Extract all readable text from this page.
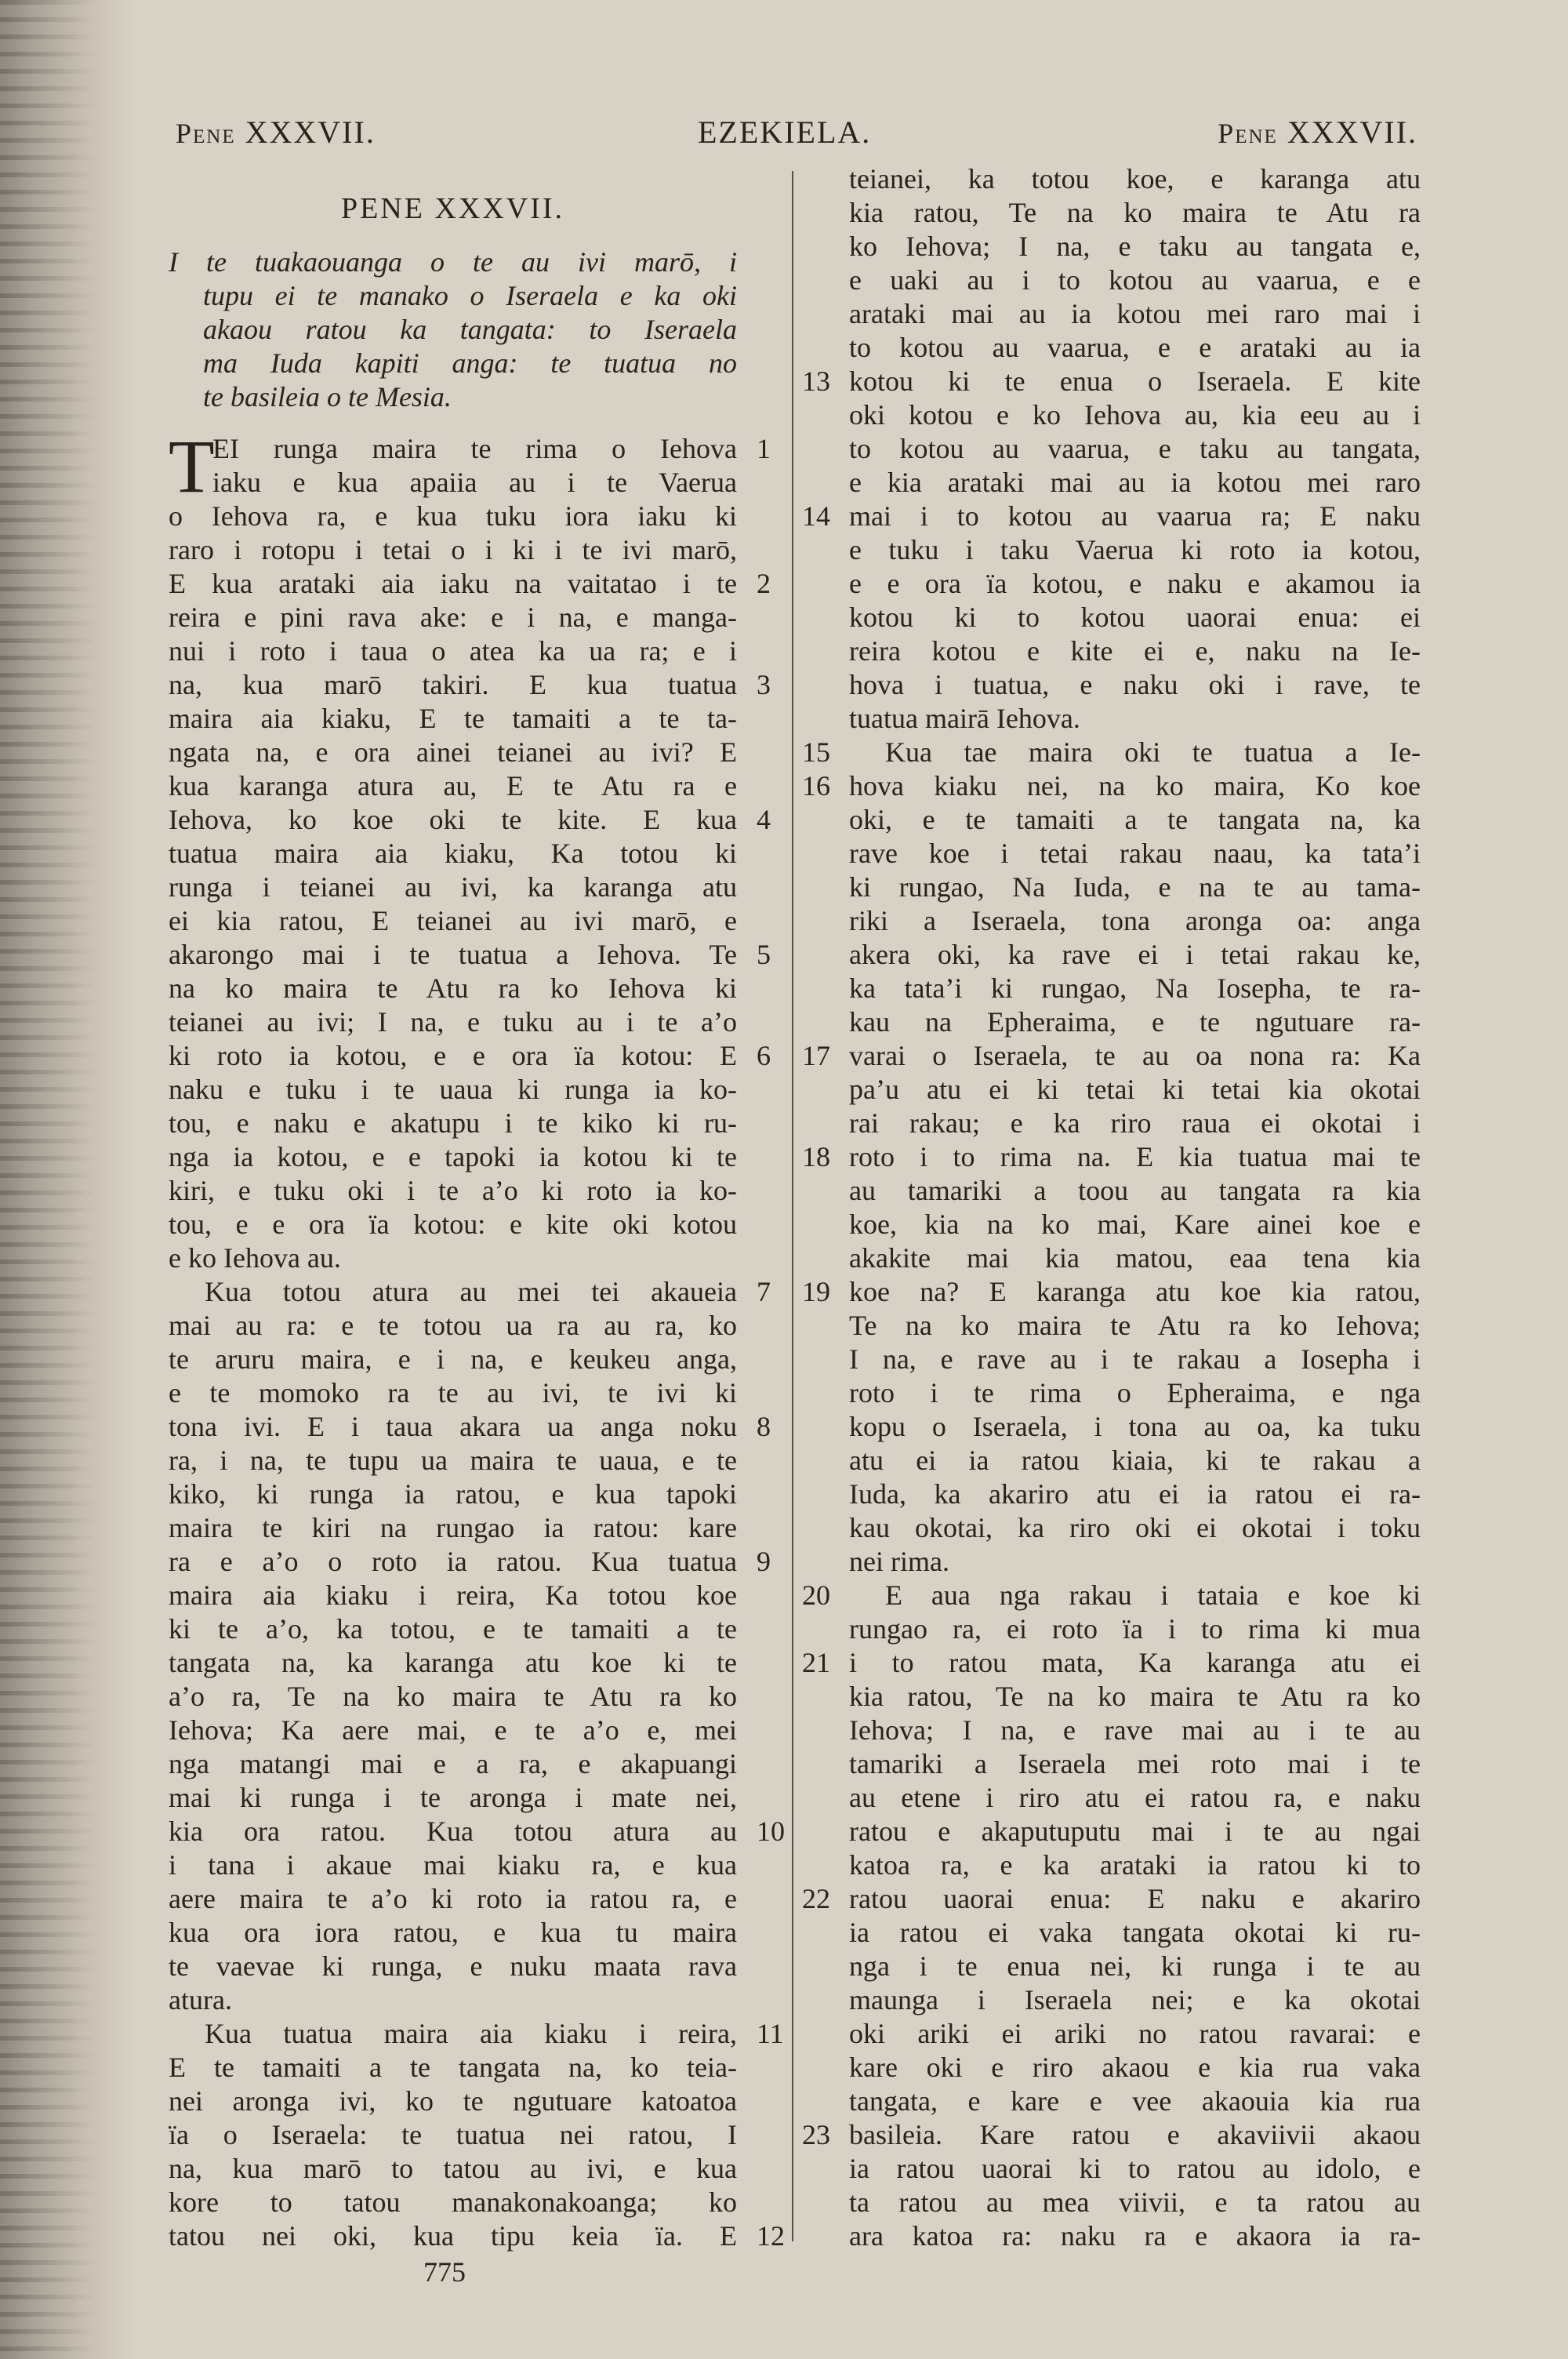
Pene XXXVII.	EZEKIELA.	Pene XXXVII.
PENE XXXVII.
I te tuakaouanga o te au ivi marō, i
tupu ei te manako o Iseraela e ka oki
akaou ratou ka tangata: to Iseraela
ma Iuda kapiti anga: te tuatua no
te basileia o te Mesia.
T
EI runga maira te rima o Iehova 1
iaku e kua apaiia au i te Vaerua
o Iehova ra, e kua tuku iora iaku ki
raro i rotopu i tetai o i ki i te ivi marō,
E kua arataki aia iaku na vaitatao i te 2
reira e pini rava ake: e i na, e manga-
nui i roto i taua o atea ka ua ra; e i
na, kua marō takiri. E kua tuatua 3
maira aia kiaku, E te tamaiti a te ta-
ngata na, e ora ainei teianei au ivi? E
kua karanga atura au, E te Atu ra e
Iehova, ko koe oki te kite. E kua 4
tuatua maira aia kiaku, Ka totou ki
runga i teianei au ivi, ka karanga atu
ei kia ratou, E teianei au ivi marō, e
akarongo mai i te tuatua a Iehova. Te 5
na ko maira te Atu ra ko Iehova ki
teianei au ivi; I na, e tuku au i te a’o
ki roto ia kotou, e e ora ïa kotou: E 6
naku e tuku i te uaua ki runga ia ko-
tou, e naku e akatupu i te kiko ki ru-
nga ia kotou, e e tapoki ia kotou ki te
kiri, e tuku oki i te a’o ki roto ia ko-
tou, e e ora ïa kotou: e kite oki kotou
e ko Iehova au.
Kua totou atura au mei tei akaueia 7
mai au ra: e te totou ua ra au ra, ko
te aruru maira, e i na, e keukeu anga,
e te momoko ra te au ivi, te ivi ki
tona ivi. E i taua akara ua anga noku 8
ra, i na, te tupu ua maira te uaua, e te
kiko, ki runga ia ratou, e kua tapoki
maira te kiri na rungao ia ratou: kare
ra e a’o o roto ia ratou. Kua tuatua 9
maira aia kiaku i reira, Ka totou koe
ki te a’o, ka totou, e te tamaiti a te
tangata na, ka karanga atu koe ki te
a’o ra, Te na ko maira te Atu ra ko
Iehova; Ka aere mai, e te a’o e, mei
nga matangi mai e a ra, e akapuangi
mai ki runga i te aronga i mate nei,
kia ora ratou. Kua totou atura au 10
i tana i akaue mai kiaku ra, e kua
aere maira te a’o ki roto ia ratou ra, e
kua ora iora ratou, e kua tu maira
te vaevae ki runga, e nuku maata rava
atura.
Kua tuatua maira aia kiaku i reira, 11
E te tamaiti a te tangata na, ko teia-
nei aronga ivi, ko te ngutuare katoatoa
ïa o Iseraela: te tuatua nei ratou, I
na, kua marō to tatou au ivi, e kua
kore to tatou manakonakoanga; ko
tatou nei oki, kua tipu keia ïa. E 12
teianei, ka totou koe, e karanga atu
kia ratou, Te na ko maira te Atu ra
ko Iehova; I na, e taku au tangata e,
e uaki au i to kotou au vaarua, e e
arataki mai au ia kotou mei raro mai i
to kotou au vaarua, e e arataki au ia
kotou ki te enua o Iseraela. E kite
13
oki kotou e ko Iehova au, kia eeu au i
to kotou au vaarua, e taku au tangata,
e kia arataki mai au ia kotou mei raro
mai i to kotou au vaarua ra; E naku
14
e tuku i taku Vaerua ki roto ia kotou,
e e ora ïa kotou, e naku e akamou ia
kotou ki to kotou uaorai enua: ei
reira kotou e kite ei e, naku na Ie-
hova i tuatua, e naku oki i rave, te
tuatua mairā Iehova.
Kua tae maira oki te tuatua a Ie-
15
hova kiaku nei, na ko maira, Ko koe
16
oki, e te tamaiti a te tangata na, ka
rave koe i tetai rakau naau, ka tata’i
ki rungao, Na Iuda, e na te au tama-
riki a Iseraela, tona aronga oa: anga
akera oki, ka rave ei i tetai rakau ke,
ka tata’i ki rungao, Na Iosepha, te ra-
kau na Epheraima, e te ngutuare ra-
varai o Iseraela, te au oa nona ra: Ka
17
pa’u atu ei ki tetai ki tetai kia okotai
rai rakau; e ka riro raua ei okotai i
roto i to rima na. E kia tuatua mai te
18
au tamariki a toou au tangata ra kia
koe, kia na ko mai, Kare ainei koe e
akakite mai kia matou, eaa tena kia
koe na? E karanga atu koe kia ratou,
19
Te na ko maira te Atu ra ko Iehova;
I na, e rave au i te rakau a Iosepha i
roto i te rima o Epheraima, e nga
kopu o Iseraela, i tona au oa, ka tuku
atu ei ia ratou kiaia, ki te rakau a
Iuda, ka akariro atu ei ia ratou ei ra-
kau okotai, ka riro oki ei okotai i toku
nei rima.
E aua nga rakau i tataia e koe ki
20
rungao ra, ei roto ïa i to rima ki mua
i to ratou mata, Ka karanga atu ei
21
kia ratou, Te na ko maira te Atu ra ko
Iehova; I na, e rave mai au i te au
tamariki a Iseraela mei roto mai i te
au etene i riro atu ei ratou ra, e naku
ratou e akaputuputu mai i te au ngai
katoa ra, e ka arataki ia ratou ki to
ratou uaorai enua: E naku e akariro
22
ia ratou ei vaka tangata okotai ki ru-
nga i te enua nei, ki runga i te au
maunga i Iseraela nei; e ka okotai
oki ariki ei ariki no ratou ravarai: e
kare oki e riro akaou e kia rua vaka
tangata, e kare e vee akaouia kia rua
basileia. Kare ratou e akaviivii akaou
23
ia ratou uaorai ki to ratou au idolo, e
ta ratou au mea viivii, e ta ratou au
ara katoa ra: naku ra e akaora ia ra-
775
